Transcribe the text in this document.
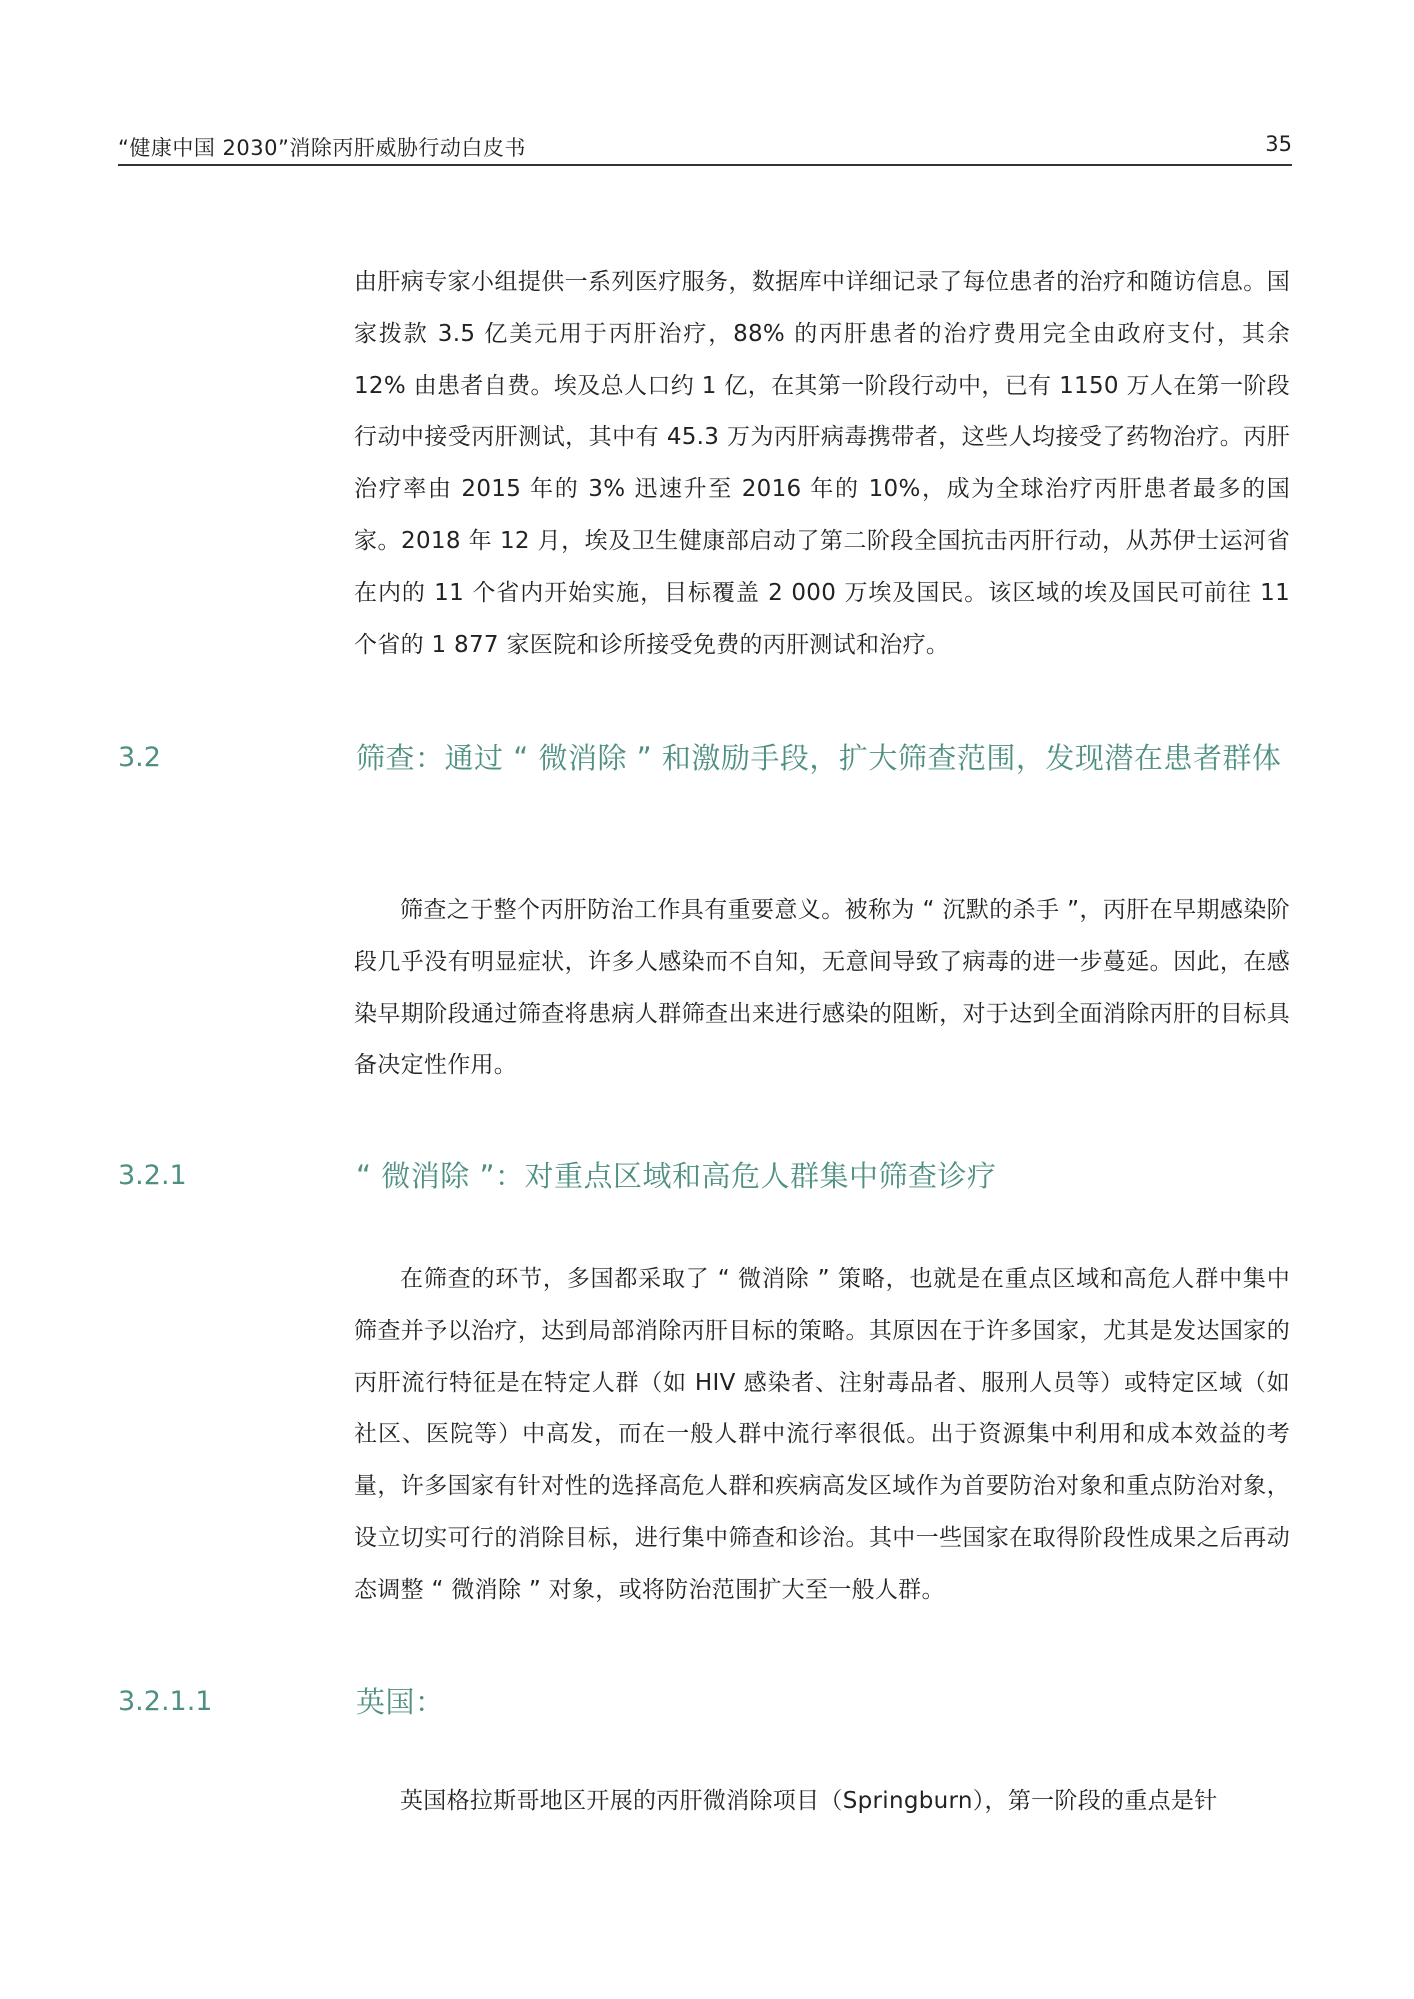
“健康中国 2030”消除丙肝威胁行动白皮书	35

由肝病专家小组提供一系列医疗服务，数据库中详细记录了每位患者的治疗和随访信息。国家拨款 3.5 亿美元用于丙肝治疗，88% 的丙肝患者的治疗费用完全由政府支付，其余 12% 由患者自费。埃及总人口约 1 亿，在其第一阶段行动中，已有 1150 万人在第一阶段行动中接受丙肝测试，其中有 45.3 万为丙肝病毒携带者，这些人均接受了药物治疗。丙肝治疗率由 2015 年的 3% 迅速升至 2016 年的 10%，成为全球治疗丙肝患者最多的国家。2018 年 12 月，埃及卫生健康部启动了第二阶段全国抗击丙肝行动，从苏伊士运河省在内的 11 个省内开始实施，目标覆盖 2 000 万埃及国民。该区域的埃及国民可前往 11 个省的 1 877 家医院和诊所接受免费的丙肝测试和治疗。

3.2	筛查：通过 “ 微消除 ” 和激励手段，扩大筛查范围，发现潜在患者群体

筛查之于整个丙肝防治工作具有重要意义。被称为 “ 沉默的杀手 ”，丙肝在早期感染阶段几乎没有明显症状，许多人感染而不自知，无意间导致了病毒的进一步蔓延。因此，在感染早期阶段通过筛查将患病人群筛查出来进行感染的阻断，对于达到全面消除丙肝的目标具备决定性作用。

3.2.1	“ 微消除 ”：对重点区域和高危人群集中筛查诊疗

在筛查的环节，多国都采取了 “ 微消除 ” 策略，也就是在重点区域和高危人群中集中筛查并予以治疗，达到局部消除丙肝目标的策略。其原因在于许多国家，尤其是发达国家的丙肝流行特征是在特定人群（如 HIV 感染者、注射毒品者、服刑人员等）或特定区域（如社区、医院等）中高发，而在一般人群中流行率很低。出于资源集中利用和成本效益的考量，许多国家有针对性的选择高危人群和疾病高发区域作为首要防治对象和重点防治对象，设立切实可行的消除目标，进行集中筛查和诊治。其中一些国家在取得阶段性成果之后再动态调整 “ 微消除 ” 对象，或将防治范围扩大至一般人群。

3.2.1.1	英国：

英国格拉斯哥地区开展的丙肝微消除项目（Springburn），第一阶段的重点是针
